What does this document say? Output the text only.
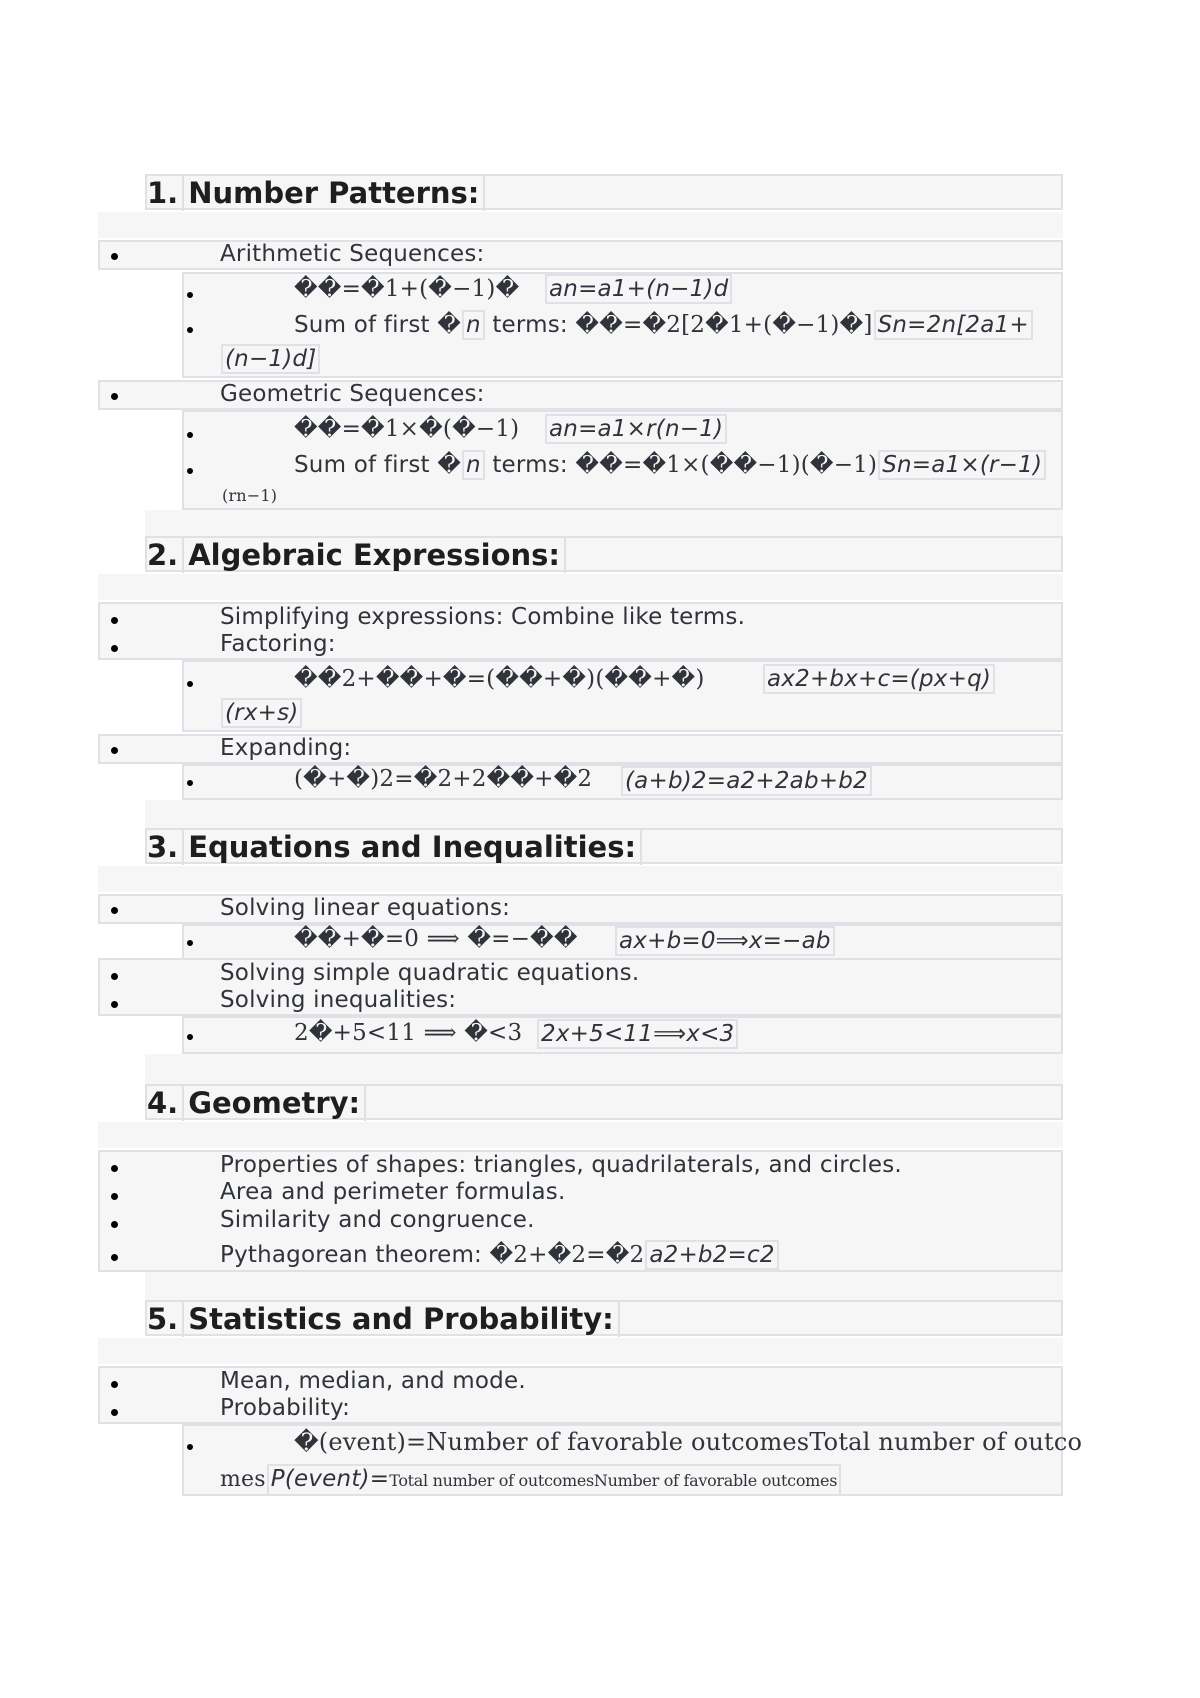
1. Number Patterns:
Arithmetic Sequences:
��=�1+(�−1)� an=a1+(n−1)d
Sum of first � n terms: ��=�2[2�1+(�−1)�] Sn=2n[2a1+
(n−1)d]
Geometric Sequences:
��=�1×�(�−1) an=a1×r(n−1)
Sum of first � n terms: ��=�1×(��−1)(�−1) Sn=a1×(r−1)
(rn−1)
2. Algebraic Expressions:
Simplifying expressions: Combine like terms.
Factoring:
��2+��+�=(��+�)(��+�)	ax2+bx+c=(px+q)
(rx+s)
Expanding:
(�+�)2=�2+2��+�2 (a+b)2=a2+2ab+b2
3. Equations and Inequalities:
Solving linear equations:
��+�=0 ⟹ �=−�� ax+b=0⟹x=−ab
Solving simple quadratic equations.
Solving inequalities:
2�+5<11 ⟹ �<3 2x+5<11⟹x<3
4. Geometry:
Properties of shapes: triangles, quadrilaterals, and circles.
Area and perimeter formulas.
Similarity and congruence.
Pythagorean theorem: �2+�2=�2 a2+b2=c2
5. Statistics and Probability:
Mean, median, and mode.
Probability:
�(event)=Number of favorable outcomesTotal number of outco
mes P(event)=Total number of outcomesNumber of favorable outcomes
